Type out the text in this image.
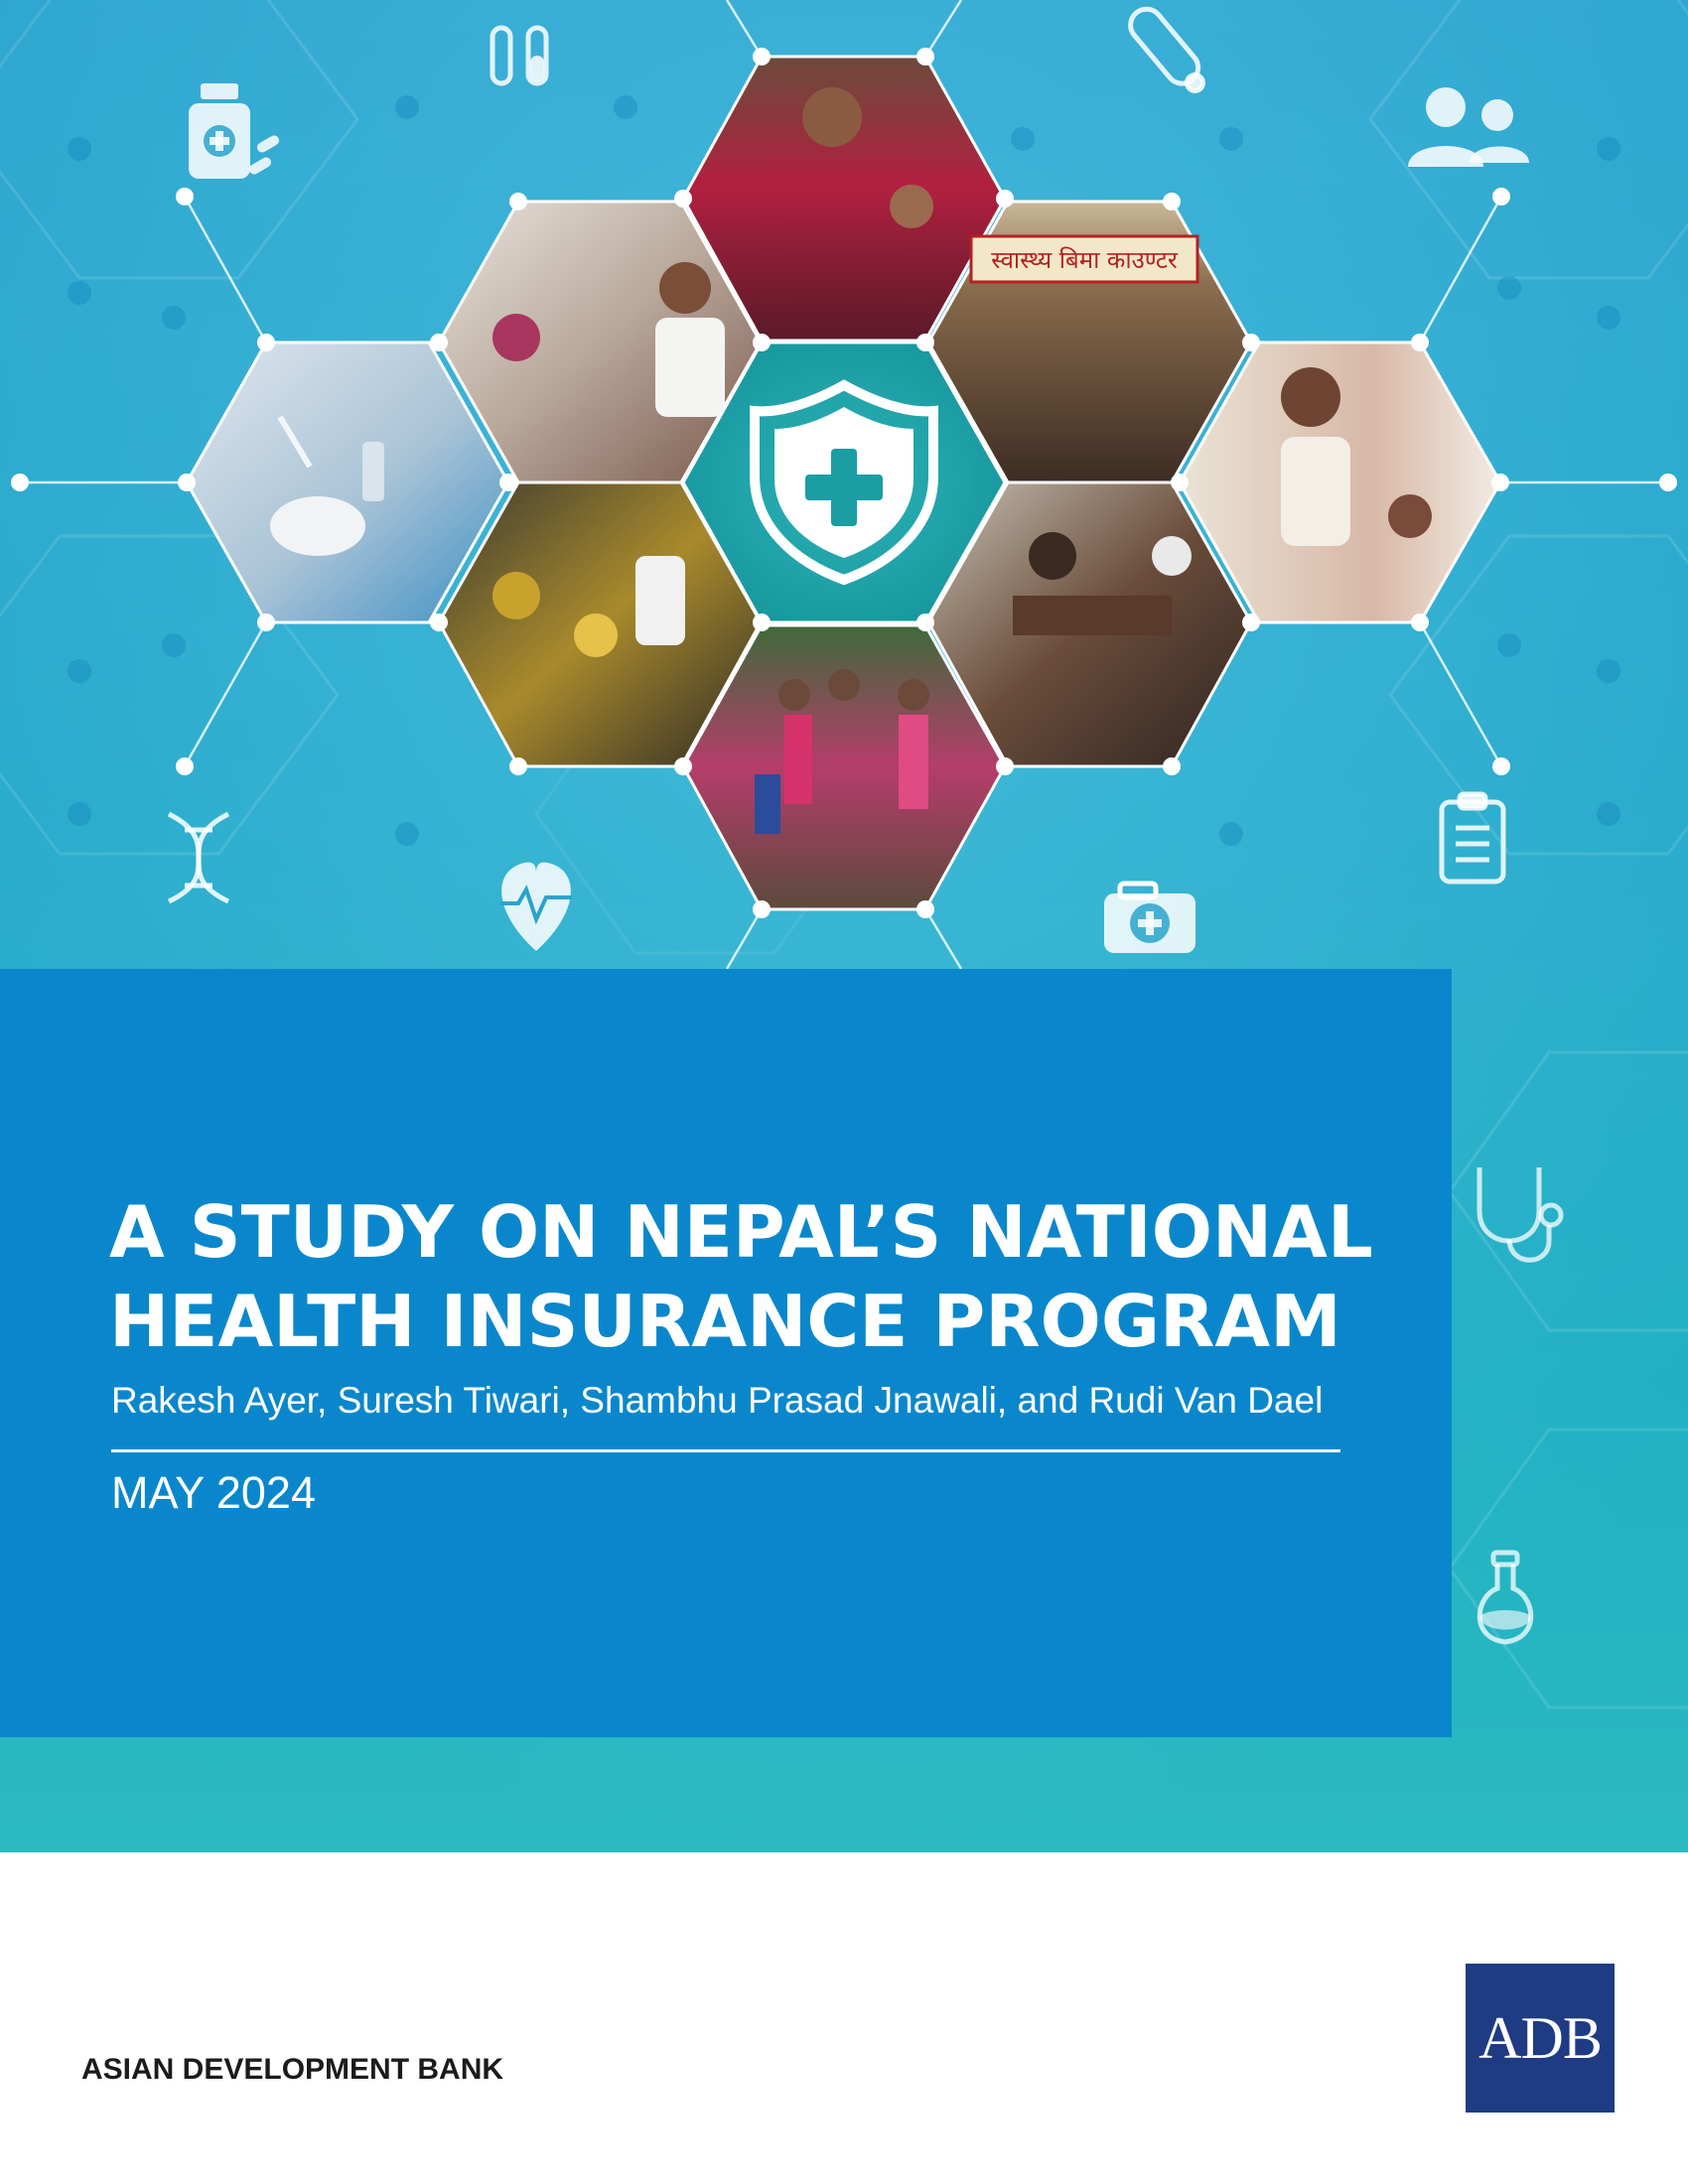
स्वास्थ्य बिमा काउण्टर
A STUDY ON NEPAL’S NATIONAL
HEALTH INSURANCE PROGRAM
Rakesh Ayer, Suresh Tiwari, Shambhu Prasad Jnawali, and Rudi Van Dael
MAY 2024
ASIAN DEVELOPMENT BANK	ADB
